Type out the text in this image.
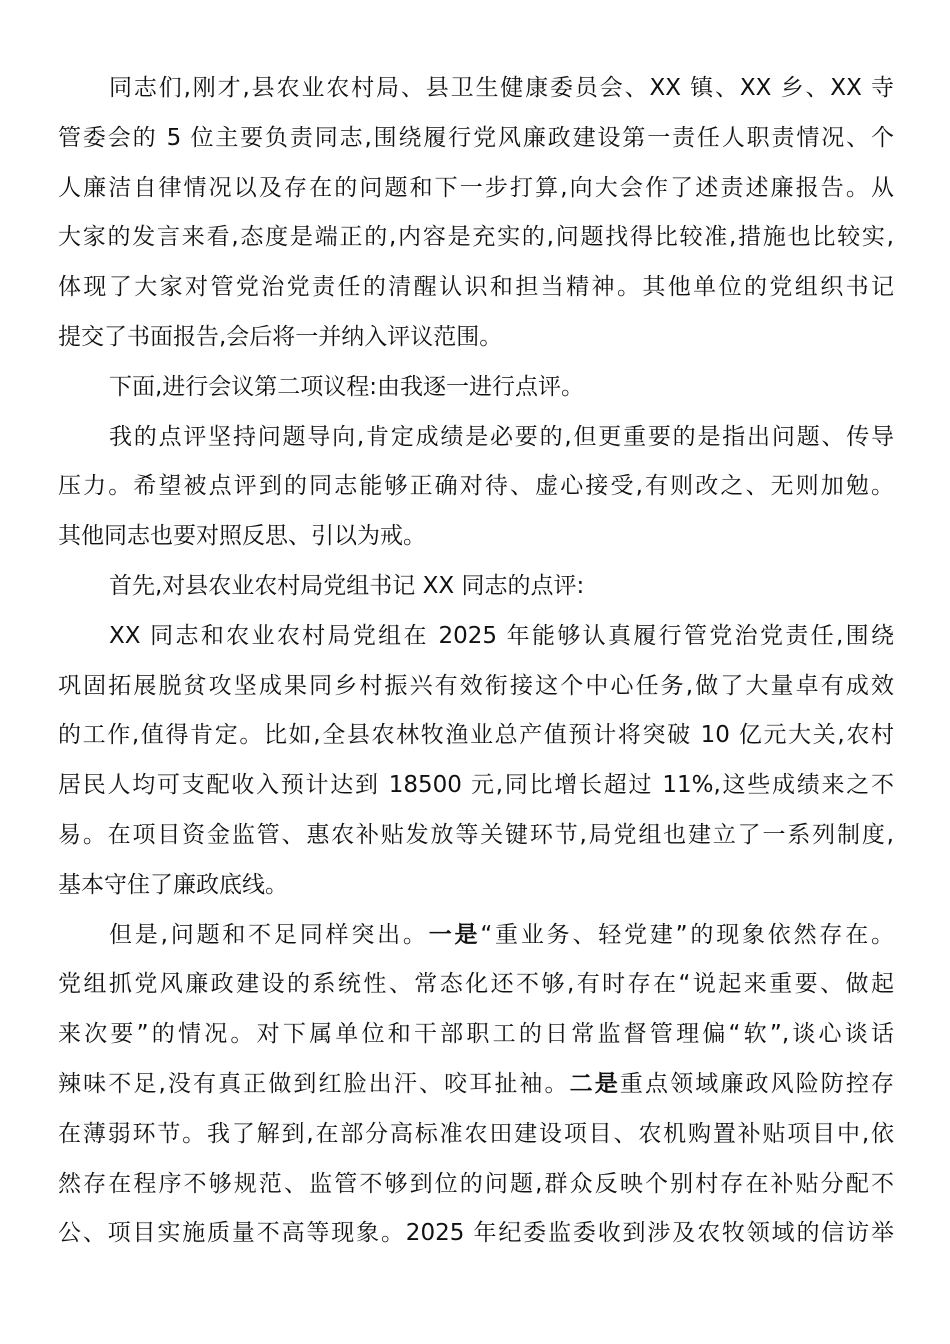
同志们,刚才,县农业农村局、县卫生健康委员会、XX 镇、XX 乡、XX 寺
管委会的 5 位主要负责同志,围绕履行党风廉政建设第一责任人职责情况、个
人廉洁自律情况以及存在的问题和下一步打算,向大会作了述责述廉报告。从
大家的发言来看,态度是端正的,内容是充实的,问题找得比较准,措施也比较实,
体现了大家对管党治党责任的清醒认识和担当精神。其他单位的党组织书记
提交了书面报告,会后将一并纳入评议范围。
下面,进行会议第二项议程:由我逐一进行点评。
我的点评坚持问题导向,肯定成绩是必要的,但更重要的是指出问题、传导
压力。希望被点评到的同志能够正确对待、虚心接受,有则改之、无则加勉。
其他同志也要对照反思、引以为戒。
首先,对县农业农村局党组书记 XX 同志的点评:
XX 同志和农业农村局党组在 2025 年能够认真履行管党治党责任,围绕
巩固拓展脱贫攻坚成果同乡村振兴有效衔接这个中心任务,做了大量卓有成效
的工作,值得肯定。比如,全县农林牧渔业总产值预计将突破 10 亿元大关,农村
居民人均可支配收入预计达到 18500 元,同比增长超过 11%,这些成绩来之不
易。在项目资金监管、惠农补贴发放等关键环节,局党组也建立了一系列制度,
基本守住了廉政底线。
但是,问题和不足同样突出。一是“重业务、轻党建”的现象依然存在。
党组抓党风廉政建设的系统性、常态化还不够,有时存在“说起来重要、做起
来次要”的情况。对下属单位和干部职工的日常监督管理偏“软”,谈心谈话
辣味不足,没有真正做到红脸出汗、咬耳扯袖。二是重点领域廉政风险防控存
在薄弱环节。我了解到,在部分高标准农田建设项目、农机购置补贴项目中,依
然存在程序不够规范、监管不够到位的问题,群众反映个别村存在补贴分配不
公、项目实施质量不高等现象。2025 年纪委监委收到涉及农牧领域的信访举
